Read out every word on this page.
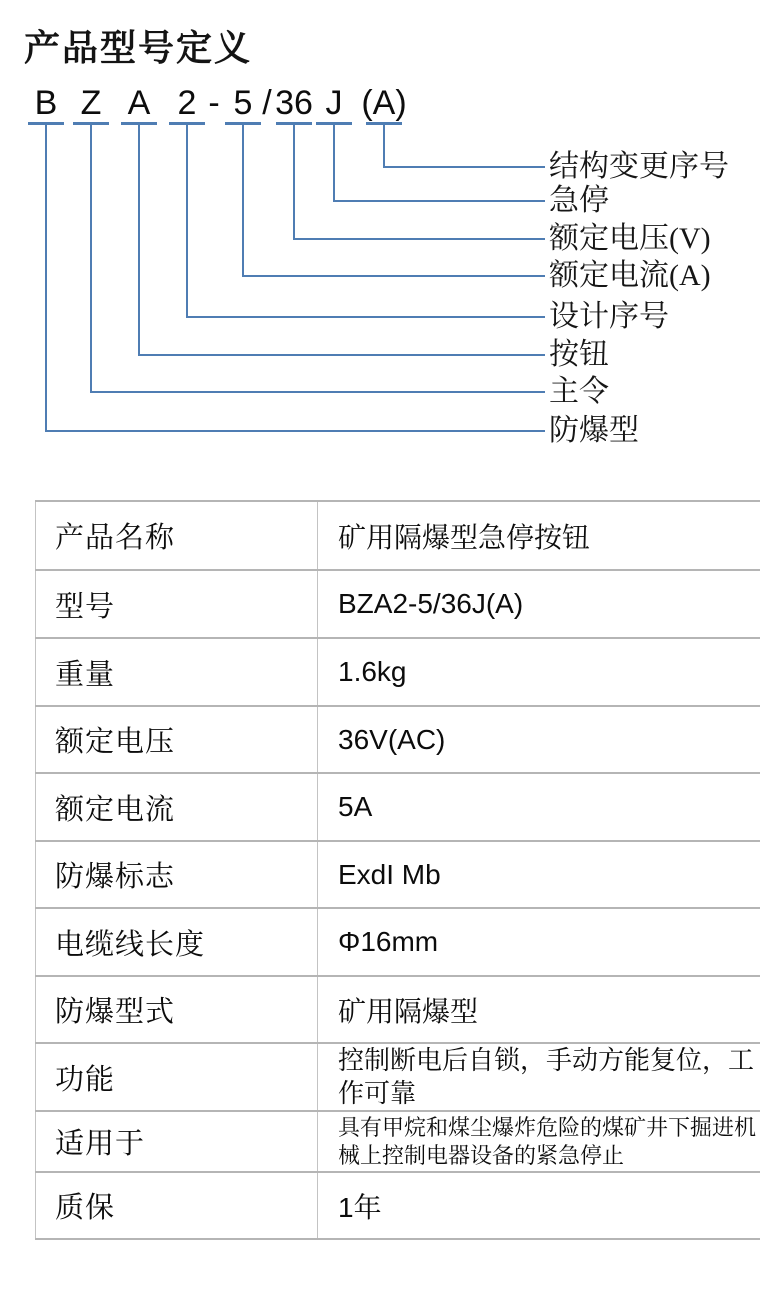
产品型号定义
B
防爆型
Z
主令
A
按钮
2
设计序号
- 5
额定电流(A)
/ 36
额定电压(V)
J
急停
(A)
结构变更序号
产品名称	矿用隔爆型急停按钮
型号	BZA2-5/36J(A)
重量	1.6kg
额定电压	36V(AC)
额定电流	5A
防爆标志	ExdI Mb
电缆线长度	Φ16mm
防爆型式	矿用隔爆型
功能	控制断电后自锁，手动方能复位，工作可靠
适用于	具有甲烷和煤尘爆炸危险的煤矿井下掘进机械上控制电器设备的紧急停止
质保	1年
